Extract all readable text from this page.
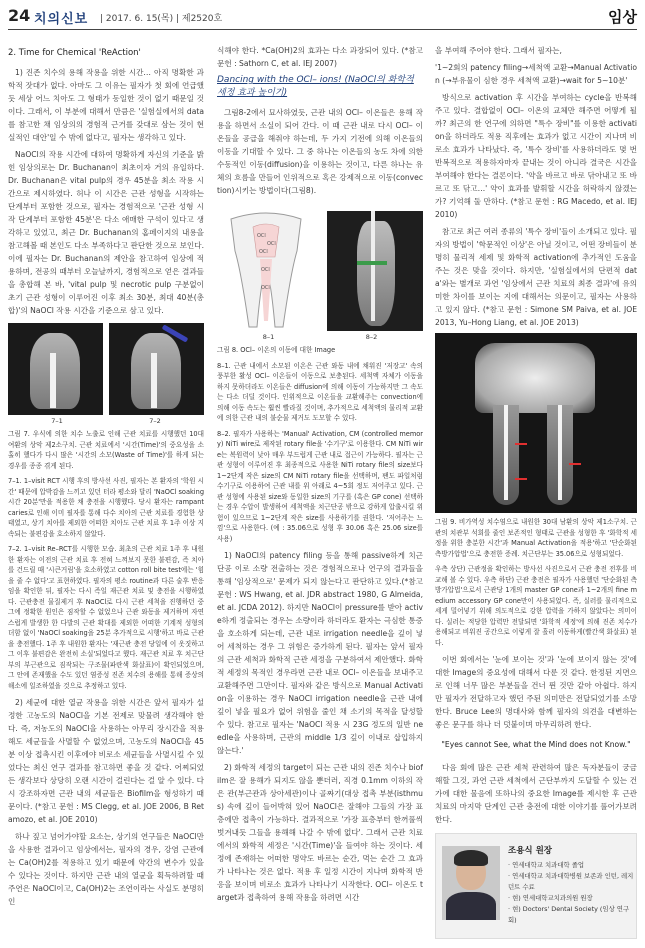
24 치의신보 | 2017. 6. 15(목) | 제2520호	임상
2. Time for Chemical 'ReAction'

1) 진존 치수의 용해 작용을 위한 시간… 아직 명확한 과학적 잣대가 없다. 아마도 그 이유는 필자가 첫 회에 언급했듯 세상 어느 치아도 그 형태가 동일한 것이 없기 때문일 것이다. 그래서, 이 부분에 대해서 만큼은 '실험실에서의 data를 참고한 채 임상의의 경험적 근거를 갖대로 삼는 것이 현실적인 대안'일 수 밖에 없다고, 필자는 생각하고 있다.

NaOCl의 작용 시간에 대하여 명확하게 자신의 기준을 밝힌 임상의로는 Dr. Buchanan이 최초이자 거의 유일하다. Dr. Buchanan은 vital pulp의 경우 45분을 최소 작용 시간으로 제시하였다. 허나 이 시간은 근관 성형을 시작하는 단계부터 포함한 것으로, 필자는 경험적으로 '근관 성형 시작 단계부터 포함한 45분'은 다소 애매한 구석이 있다고 생각하고 있었고, 최근 Dr. Buchanan의 홈페이지의 내용을 참고해볼 때 본인도 다소 부족하다고 판단한 것으로 보인다. 이에 필자는 Dr. Buchanan의 제안을 참고하여 임상에 적용하며, 전공의 때부터 오늘날까지, 경험적으로 얻은 결과들을 총합해 본 바, 'vital pulp 및 necrotic pulp 구분없이 초기 근관 성형이 이루어진 이후 최소 30분, 최대 40분(총합)'의 NaOCl 작용 시간을 기준으로 삼고 있다.

7–1	7–2
그림 7. 우식에 의한 치수 노출로 인해 근관 치료를 시행했던 10대 여환의 상악 제2소구치. 근관 치료에서 '시간(Time)'의 중요성을 소홀히 했다가 다시 많은 '시간의 소모(Waste of Time)'를 하게 되는 경우를 종종 겪게 된다.
7–1. 1–visit RCT 시행 후의 방사선 사진, 필자는 본 환자의 '학원 시간' 때문에 압박감을 느끼고 있던 터라 평소와 달리 'NaOCl soaking 시간 20분'만을 적용한 채 충전을 시행했다. 당시 환자는 rampant caries로 인해 이미 필자를 통해 다수 치아의 근관 치료를 경험한 상태였고, 상기 치아를 제외한 어떠한 치아도 근관 치료 후 1주 이상 지속되는 불편감을 호소하지 않았다.
7–2. 1–visit Re–RCT를 시행한 모습. 최초의 근관 치료 1주 후 내원한 환자는 이전의 근관 치료 후 전혀 느껴보지 못한 불편감, 즉 치아를 건드릴 때 '시큰거림'을 호소하였고 cotton roll bite test에는 '힘을 줄 수 없다'고 표현하였다. 필자의 평소 routine과 다른 술후 반응임을 확인한 뒤, 필자는 다시 즉일 재근관 치료 및 충전을 시행하였다. 근관충전 물질제거 후 NaOCl로 다시 근관 세척을 진행하던 중 그에 정확한 원인은 짐작할 수 없었으나 근관 와동을 제거하며 자연스럽게 발생한 한 다발의 근관 확대를 제외한 어떠한 기계적 성형의 더함 없이 'NaOCl soaking을 25분 추가적으로 시행'하고 바로 근관을 충전했다. 1주 후 내원한 환자는 '재근관 충전 당일에 이 옷짓하고 그 이후 불편감은 완전히 소실'되었다고 했다. 재근관 치료 후 치근단부의 부근관으로 짐작되는 구조물(파란색 화살표)이 확인되었으며, 그 안에 존재했을 수도 있던 염증성 진존 치수의 용해를 통해 증상의 해소에 일조하였을 것으로 추정하고 있다.

2) 세균에 대한 열균 작용을 위한 시간은 앞서 필자가 설정한 고농도의 NaOCl을 기본 전제로 맞물려 생각해야 한다. 즉, 저농도의 NaOCl을 사용하는 아무리 장시간을 적용해도 세균들을 사멸할 수 없었으며, 고농도의 NaOCl을 45분 이상 접촉시킨 이후에야 비로소 세균들을 사멸시킬 수 있었다는 최신 연구 결과를 참고하면 좋을 것 같다. 어찌되었든 생각보다 상당히 오랜 시간이 걸린다는 걸 알 수 있다. 다시 강조하자면 근관 내의 세균들은 Biofilm을 형성하기 때문이다. (*참고 문헌 : MS Clegg, et al. JOE 2006, B Retamozo, et al. JOE 2010)

하나 짚고 넘어가야할 요소는, 상기의 연구들은 NaOCl만을 사용한 결과이고 임상에서는, 필자의 경우, 강염 근관에는 Ca(OH)2를 적용하고 있기 때문에 약간의 변수가 있을 수 있다는 것이다. 하지만 근관 내의 열균을 획득하려할 때 주연은 NaOCl이고, Ca(OH)2는 조연이라는 사실도 분명히 인

식해야 한다. *Ca(OH)2의 효과는 다소 과장되어 있다. (*참고 문헌 : Sathorn C, et al. IEJ 2007)

Dancing with the OCl– ions! (NaOCl의 화학적 세정 효과 높이기)

그림8-2에서 묘사하였듯, 근관 내의 OCl– 이온들은 용해 작용을 하면서 소실이 되어 간다. 이 때 근관 내로 다시 OCl– 이온들을 공급을 해줘야 하는데, 두 가지 기전에 의해 이온들의 이동을 기대할 수 있다. 그 중 하나는 이온들의 농도 차에 의한 수동적인 이동(diffusion)을 이용하는 것이고, 다른 하나는 유체의 흐름을 만들어 인위적으로 혹은 강제적으로 이동(convection)시키는 방법이다(그림8).

OCl
OCl
OCl
OCl
OCl
8–1	8–2
그림 8. OCl– 이온의 이동에 대한 Image
8–1. 근관 내에서 소모된 이온은 근관 와동 내에 채워진 '저장고' 속의 풍부한 활성 OCl– 이온들이 이동으로 보충된다. 세척액 자체가 이동을 하지 못하더라도 이온들은 diffusion에 의해 이동이 가능하지만 그 속도는 다소 더딜 것이다. 인위적으로 이온들을 교환해주는 convection에 의해 이동 속도는 훨씬 빨라질 것이며, 추가적으로 세척액의 물리적 교환에 의한 근관 내의 불순물 제거도 도모할 수 있다.
8–2. 필자가 사용하는 'Manual' Activation, CM (controlled memory) NiTi wire로 제작된 rotary file을 '수기구'로 이용한다. CM NiTi wire는 복원력이 낮아 매우 부드럽게 근관 내로 접근이 가능하다. 필자는 근관 성형이 이루어진 후 최종적으로 사용한 NiTi rotary file의 size보다 1~2단계 작은 size의 CM NiTi rotary file을 선택하며, 팬도 파일처럼 수기구로 이용하여 근관 내를 위 아래로 4~5회 정도 저어주고 있다. 근관 성형에 사용된 size와 동일한 size의 기구를 (혹은 GP cone) 선택하는 경우 수압이 발생하여 세척액을 치근단공 밖으로 강하게 압출시킬 위험이 있으므로 1~2단계 작은 size를 사용하기를 권한다. '저어주는 느낌'으로 사용한다. (예 : 35.06으로 성형 후 30.06 혹은 25.06 size를 사용)

1) NaOCl의 patency filing 등을 통해 passive하게 치근단공 이로 소량 전출하는 것은 경험적으로나 연구의 결과들을 통해 '임상적으로' 문제가 되지 않는다고 판단하고 있다.(*참고 문헌 : WS Hwang, et al. JDR abstract 1980, G Almeida, et al. JCDA 2012). 하지만 NaOCl이 pressure를 받아 active하게 정출되는 경우는 소량이라 하더라도 환자는 극심한 통증을 호소하게 되는데, 근관 내로 irrigation needle을 깊이 넣어 세척하는 경우 그 위험은 증가하게 된다. 필자는 앞서 필자의 근관 세척과 화학적 근관 세정을 구분하여서 제안했다. 화학적 세정의 목적인 경우라면 근관 내로 OCl– 이온들을 보내주고 교환해주면 그만이다. 필자와 같은 방식으로 Manual Activation을 이용하는 경우 NaOCl irrigation needle을 근관 내에 깊이 넣을 필요가 없어 위험을 줄인 채 소기의 목적을 달성할 수 있다. 참고로 필자는 'NaOCl 적용 시 23G 정도의 일반 needle을 사용하며, 근관의 middle 1/3 깊이 이내로 삽입하지 않는다.'

2) 화학적 세정의 target이 되는 근관 내의 진존 치수나 biofilm은 잘 용해가 되지도 않을 뿐더러, 직경 0.1mm 이하의 작은 관(부근관과 상아세관)이나 골짜기(대상 접촉 부분(isthmus) 속에 깊이 들어박혀 있어 NaOCl은 잘해야 그들의 가장 표층에만 접촉이 가능하다. 결과적으로 '가장 표층부터 한꺼풀씩 벗겨내듯 그들을 용해해 나갈 수 밖에 없다'. 그래서 근관 치료에서의 화학적 세정은 '시간(Time)'을 들여야 하는 것이다. 세정에 존재하는 어떠한 명약도 바르는 순간, 먹는 순간 그 효과가 나타나는 것은 없다. 적용 후 일정 시간이 지나며 화학적 반응을 보이며 비로소 효과가 나타나기 시작한다. OCl– 이온도 target과 접촉하여 용해 작용을 하려면 시간

을 부여해 주어야 한다. 그래서 필자는,

'1~2회의 patency filing→세척액 교환→Manual Activation (→부유물이 심한 경우 세척액 교환)→wait for 5~10분'

방식으로 activation 후 시간을 부여하는 cycle을 반복해주고 있다. 결합없이 OCl– 이온의 교체만 해주면 어떻게 될까? 최근의 한 연구에 의하면 "특수 장비"를 이용한 activation을 하더라도 적용 직후에는 효과가 없고 시간이 지나며 비로소 효과가 나타났다. 즉, '특수 장비'를 사용하더라도 몇 번 반복적으로 적용하자마자 끝내는 것이 아니라 결국은 시간을 부여해야 한다는 결론이다. '약을 바르고 바로 닦아내고 또 바르고 또 닦고…' 약이 효과를 발휘할 시간을 허락하지 않겠는가? 기억해 둘 만하다. (*참고 문헌 : RG Macedo, et al. IEJ 2010)

참고로 최근 여러 종류의 '특수 장비'들이 소개되고 있다. 필자의 방법이 '학문적인 이상'은 아닐 것이고, 어떤 장비들이 분명히 물리적 세제 및 화학적 activation에 추가적인 도움을 주는 것은 맞을 것이다. 하지만, '실험실에서의 단편적 data'와는 별개로 과연 '임상에서 근관 치료의 최종 결과'에 유의미한 차이를 보이는 지에 대해서는 의문이고, 필자는 사용하고 있지 않다. (*참고 문헌 : Simone SM Paiva, et al. JOE 2013, Yu–Hong Liang, et al. JOE 2013)

그림 9. 비가역성 치수염으로 내원한 30대 남환의 상악 제1소구치. 근관의 치관부 석회를 줄인 보존적인 형태로 근관을 성형한 후 '화학적 세정을 위한 충분한 시간'과 Manual Activation을 적용'하고 '단순화된 측방가압법'으로 충전한 증례. 치근단부는 35.06으로 성형되었다.
우측 상단) 근관정을 확인하는 방사선 사진으로서 근관 충전 전후를 비교해 볼 수 있다. 우측 하단) 근관 충전은 필자가 사용했던 '단순화된 측방가압법'으로서 근관당 1개의 master GP cone과 1~2개의 fine medium accessory GP cone만이 사용되었다. 즉, 실러를 물리적으로 세게 밀어넣기 위해 의도적으로 강한 압력을 가하지 않았다는 의미이다. 실러는 적당한 압력만 전달되면 '화학적 세정'에 의해 진존 치수가 용해되고 비워진 공간으로 이렇게 잘 흘러 이동하게(빨간색 화살표) 된다.

이번 회에서는 '눈에 보이는 것'과 '눈에 보이지 않는 것'에 대한 Image의 중요성에 대해서 다룬 것 같다. 한정된 지면으로 인해 너무 많은 부분들을 건너 뛴 것만 같아 아쉽다. 하지만 필자가 전달하고자 했던 주된 의미만은 전달되었기를 소망한다. Bruce Lee의 명대사와 함께 필자의 의견을 대변하는 좋은 문구를 하나 더 덧붙이며 마무리하려 한다.

"Eyes cannot See, what the Mind does not Know."

다음 회에 많은 근관 세척 관련하여 많은 독자분들이 궁금해할 그것, 과연 근관 세척에서 근단부까지 도달할 수 있는 건가에 대한 물음에 또하나의 중요한 Image를 제시한 후 근관 치료의 마지막 단계인 근관 충전에 대한 이야기를 풀어가보려 한다.

조용식 원장
· 연세대학교 치과대학 졸업
· 연세대학교 치과대학병원 보존과 인턴, 레지던트 수료
· 현) 연세대학교치과의원 원장
· 현) Doctors' Dental Society (임상 연구회)
